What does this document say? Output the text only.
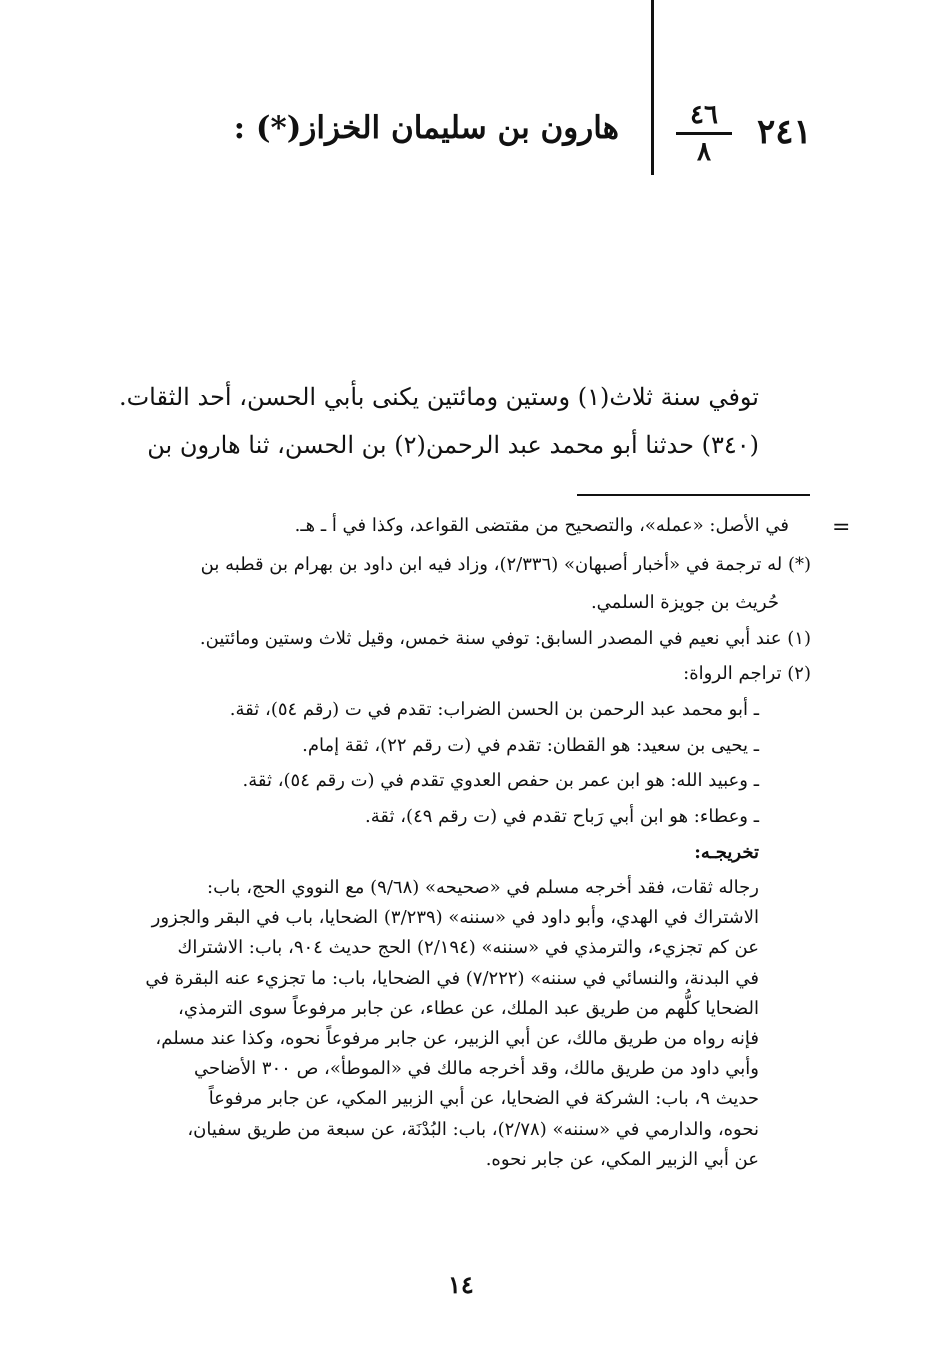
٢٤١
٤٦
٨
هارون بن سليمان الخزاز(*) :
توفي سنة ثلاث(١) وستين ومائتين يكنى بأبي الحسن، أحد الثقات.
(٣٤٠) حدثنا أبو محمد عبد الرحمن(٢) بن الحسن، ثنا هارون بن
=
في الأصل: «عمله»، والتصحيح من مقتضى القواعد، وكذا في أ ـ هـ.
(*) له ترجمة في «أخبار أصبهان» (٢/٣٣٦)، وزاد فيه ابن داود بن بهرام بن قطبه بن
حُريث بن جويزة السلمي.
(١) عند أبي نعيم في المصدر السابق: توفي سنة خمس، وقيل ثلاث وستين ومائتين.
(٢) تراجم الرواة:
ـ أبو محمد عبد الرحمن بن الحسن الضراب: تقدم في ت (رقم ٥٤)، ثقة.
ـ يحيى بن سعيد: هو القطان: تقدم في (ت رقم ٢٢)، ثقة إمام.
ـ وعبيد الله: هو ابن عمر بن حفص العدوي تقدم في (ت رقم ٥٤)، ثقة.
ـ وعطاء: هو ابن أبي رَباح تقدم في (ت رقم ٤٩)، ثقة.
تخريجـه:
رجاله ثقات، فقد أخرجه مسلم في «صحيحه» (٩/٦٨) مع النووي الحج، باب:
الاشتراك في الهدي، وأبو داود في «سننه» (٣/٢٣٩) الضحايا، باب في البقر والجزور
عن كم تجزيء، والترمذي في «سننه» (٢/١٩٤) الحج حديث ٩٠٤، باب: الاشتراك
في البدنة، والنسائي في سننه» (٧/٢٢٢) في الضحايا، باب: ما تجزيء عنه البقرة في
الضحايا كلُّهم من طريق عبد الملك، عن عطاء، عن جابر مرفوعاً سوى الترمذي،
فإنه رواه من طريق مالك، عن أبي الزبير، عن جابر مرفوعاً نحوه، وكذا عند مسلم،
وأبي داود من طريق مالك، وقد أخرجه مالك في «الموطأ»، ص ٣٠٠ الأضاحي
حديث ٩، باب: الشركة في الضحايا، عن أبي الزبير المكي، عن جابر مرفوعاً
نحوه، والدارمي في «سننه» (٢/٧٨)، باب: البُدْنَة، عن سبعة من طريق سفيان،
عن أبي الزبير المكي، عن جابر نحوه.
١٤
